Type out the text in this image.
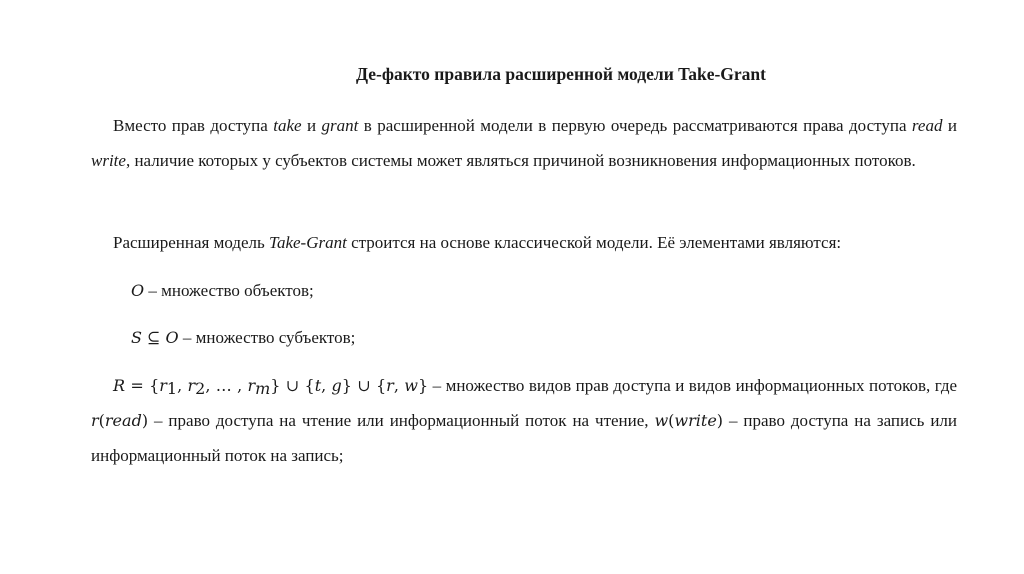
Де-факто правила расширенной модели Take-Grant
Вместо прав доступа take и grant в расширенной модели в первую очередь рассматриваются права доступа read и write, наличие которых у субъектов системы может являться причиной возникновения информационных потоков.
Расширенная модель Take-Grant строится на основе классической модели. Её элементами являются:
O – множество объектов;
S ⊆ O – множество субъектов;
$R = \{r_1$, $r_2$, … , $r_m$} ∪ {t, g} ∪ {r, w} – множество видов прав доступа и видов информационных потоков, где r(read) – право доступа на чтение или информационный поток на чтение, w(write) – право доступа на запись или информационный поток на запись;
